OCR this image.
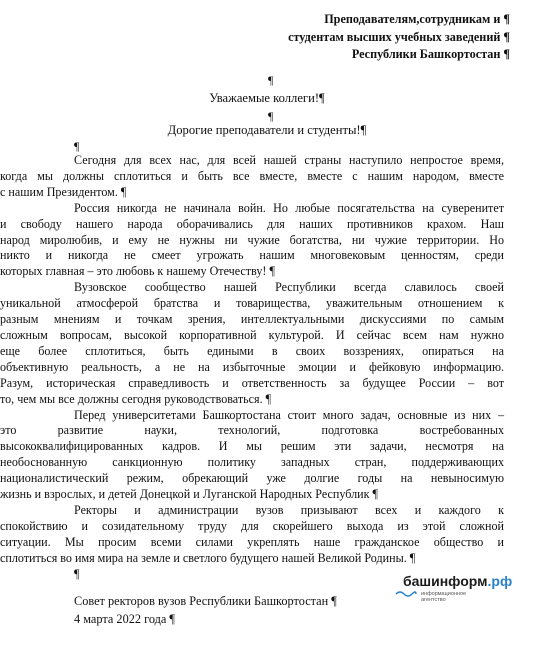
Преподавателям,сотрудникам и ¶
студентам высших учебных заведений ¶
Республики Башкортостан ¶
¶
Уважаемые коллеги!¶
¶
Дорогие преподаватели и студенты!¶
¶
Сегодня для всех нас, для всей нашей страны наступило непростое время,
когда мы должны сплотиться и быть все вместе, вместе с нашим народом, вместе
с нашим Президентом. ¶
Россия никогда не начинала войн. Но любые посягательства на суверенитет
и свободу нашего народа оборачивались для наших противников крахом. Наш
народ миролюбив, и ему не нужны ни чужие богатства, ни чужие территории. Но
никто и никогда не смеет угрожать нашим многовековым ценностям, среди
которых главная – это любовь к нашему Отечеству! ¶
Вузовское сообщество нашей Республики всегда славилось своей
уникальной атмосферой братства и товарищества, уважительным отношением к
разным мнениям и точкам зрения, интеллектуальными дискуссиями по самым
сложным вопросам, высокой корпоративной культурой. И сейчас всем нам нужно
еще более сплотиться, быть едиными в своих воззрениях, опираться на
объективную реальность, а не на избыточные эмоции и фейковую информацию.
Разум, историческая справедливость и ответственность за будущее России – вот
то, чем мы все должны сегодня руководствоваться. ¶
Перед университетами Башкортостана стоит много задач, основные из них –
это развитие науки, технологий, подготовка востребованных
высококвалифицированных кадров. И мы решим эти задачи, несмотря на
необоснованную санкционную политику западных стран, поддерживающих
националистический режим, обрекающий уже долгие годы на невыносимую
жизнь и взрослых, и детей Донецкой и Луганской Народных Республик ¶
Ректоры и администрации вузов призывают всех и каждого к
спокойствию и созидательному труду для скорейшего выхода из этой сложной
ситуации. Мы просим всеми силами укреплять наше гражданское общество и
сплотиться во имя мира на земле и светлого будущего нашей Великой Родины. ¶
¶	башинформ.рф
информационное агентство
Совет ректоров вузов Республики Башкортостан ¶
4 марта 2022 года ¶
